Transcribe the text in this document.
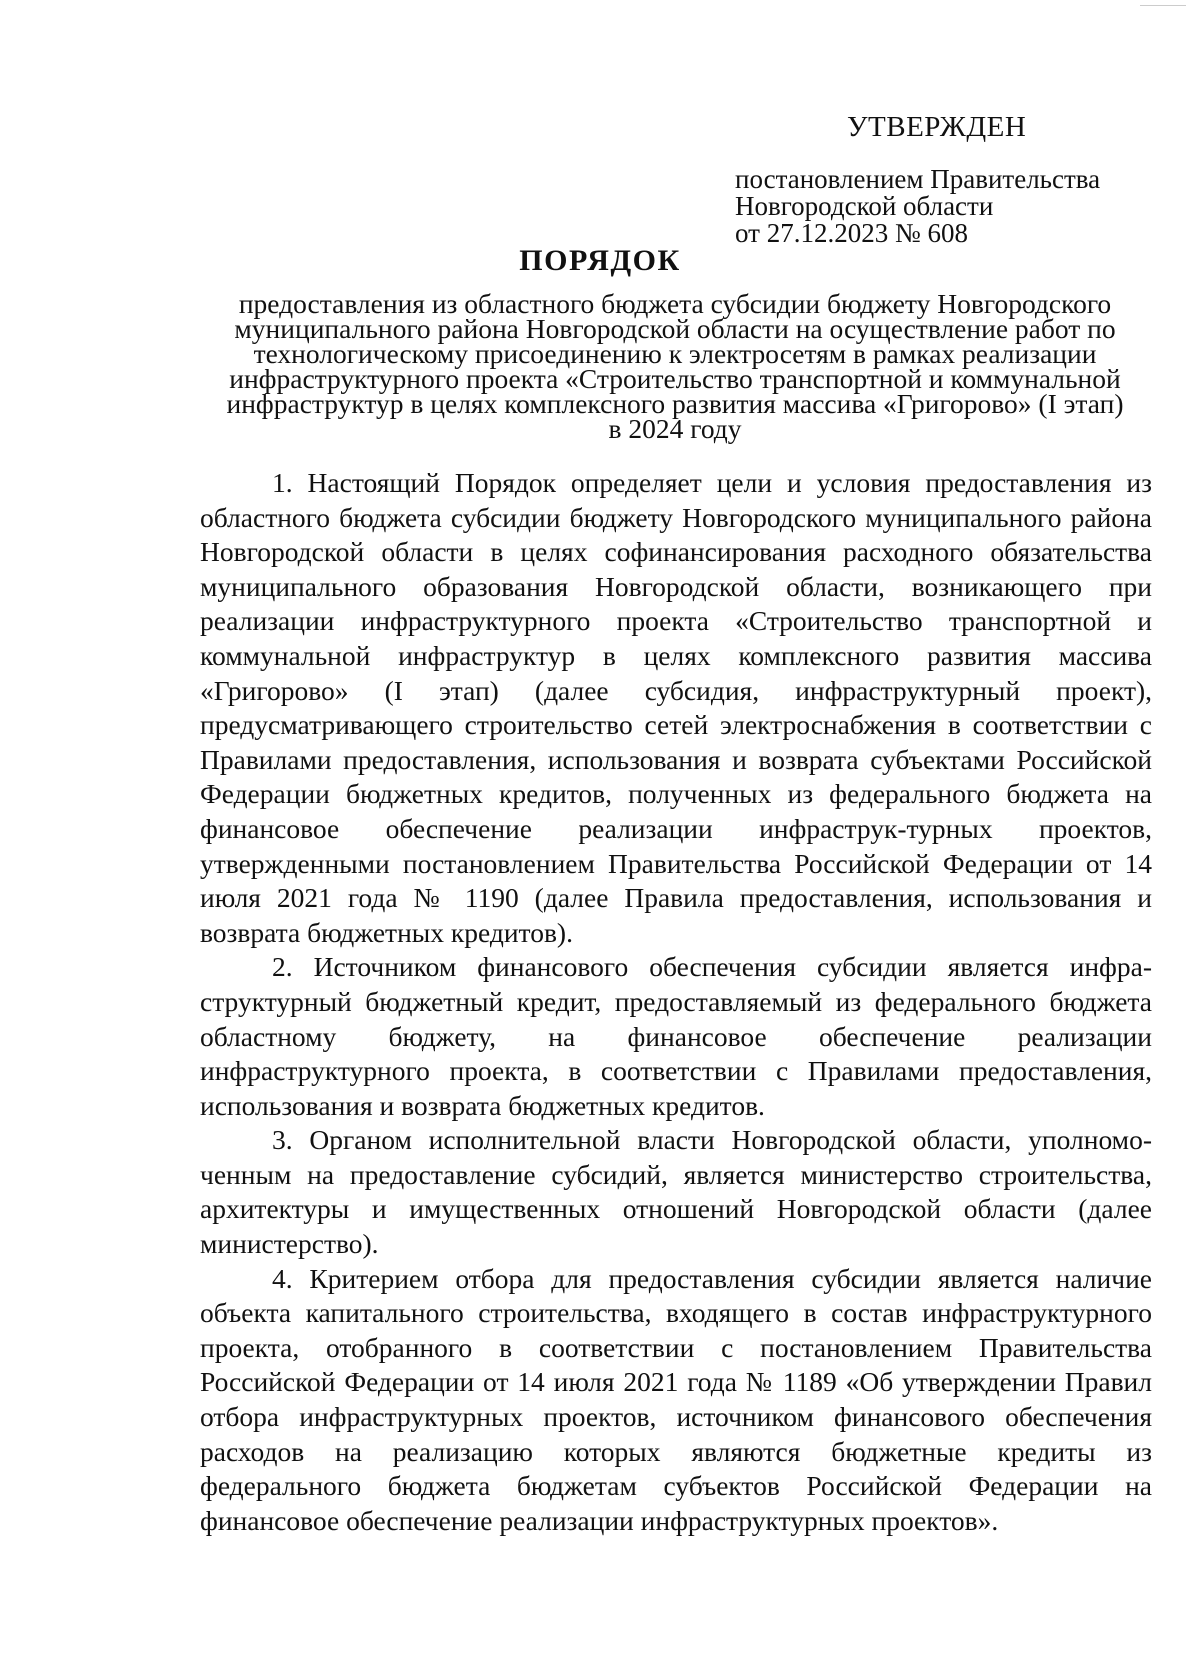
УТВЕРЖДЕН
постановлением Правительства
Новгородской области
от 27.12.2023 № 608
ПОРЯДОК
предоставления из областного бюджета субсидии бюджету Новгородского
муниципального района Новгородской области на осуществление работ по
технологическому присоединению к электросетям в рамках реализации
инфраструктурного проекта «Строительство транспортной и коммунальной
инфраструктур в целях комплексного развития массива «Григорово» (I этап)
в 2024 году

1. Настоящий Порядок определяет цели и условия предоставления из областного бюджета субсидии бюджету Новгородского муниципального района Новгородской области в целях софинансирования расходного обязательства муниципального образования Новгородской области, возникающего при реализации инфраструктурного проекта «Строительство транспортной и коммунальной инфраструктур в целях комплексного развития массива «Григорово» (I этап) (далее субсидия, инфраструктурный проект), предусматривающего строительство сетей электроснабжения в соответствии с Правилами предоставления, использования и возврата субъектами Российской Федерации бюджетных кредитов, полученных из федерального бюджета на финансовое обеспечение реализации инфраструк-турных проектов, утвержденными постановлением Правительства Российской Федерации от 14 июля 2021 года № 1190 (далее Правила предоставления, использования и возврата бюджетных кредитов).

2. Источником финансового обеспечения субсидии является инфра-структурный бюджетный кредит, предоставляемый из федерального бюджета областному бюджету, на финансовое обеспечение реализации инфраструктурного проекта, в соответствии с Правилами предоставления, использования и возврата бюджетных кредитов.

3. Органом исполнительной власти Новгородской области, уполномо-ченным на предоставление субсидий, является министерство строительства, архитектуры и имущественных отношений Новгородской области (далее министерство).

4. Критерием отбора для предоставления субсидии является наличие объекта капитального строительства, входящего в состав инфраструктурного проекта, отобранного в соответствии с постановлением Правительства Российской Федерации от 14 июля 2021 года № 1189 «Об утверждении Правил отбора инфраструктурных проектов, источником финансового обеспечения расходов на реализацию которых являются бюджетные кредиты из федерального бюджета бюджетам субъектов Российской Федерации на финансовое обеспечение реализации инфраструктурных проектов».
